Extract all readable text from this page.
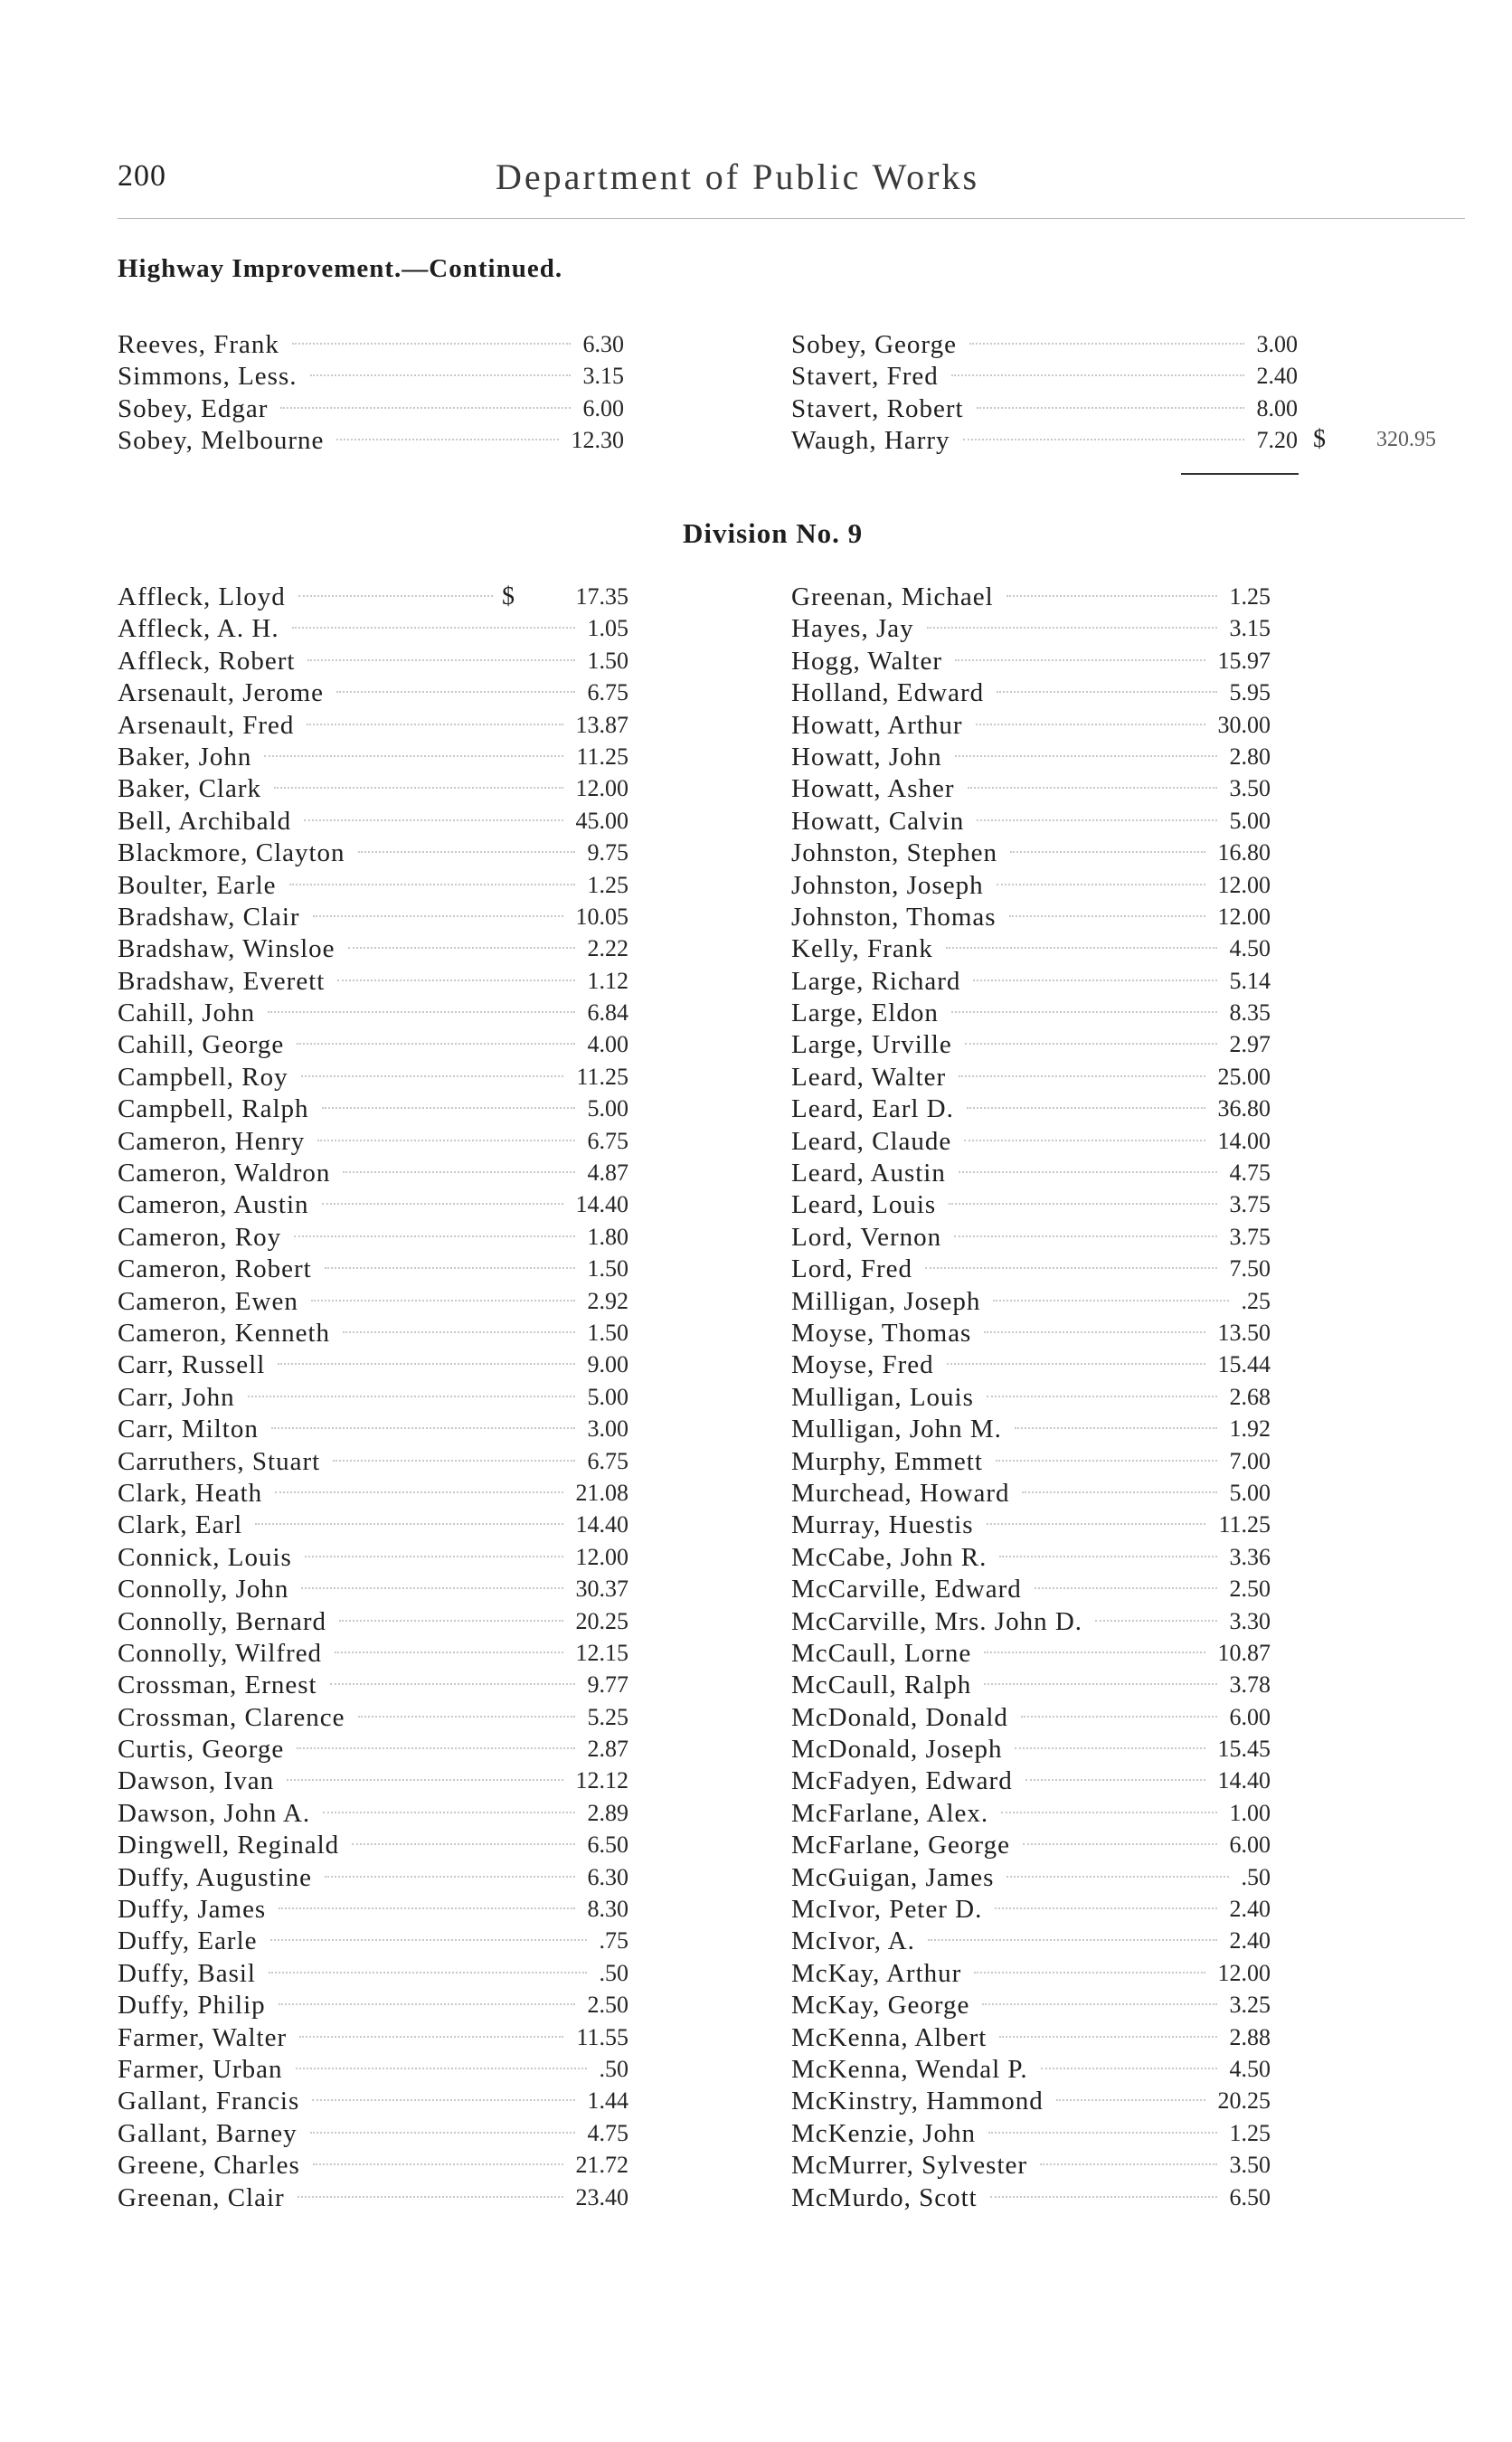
200	Department of Public Works
Highway Improvement.—Continued.
Reeves, Frank	6.30
Simmons, Less.	3.15
Sobey, Edgar	6.00
Sobey, Melbourne	12.30
Sobey, George	3.00
Stavert, Fred	2.40
Stavert, Robert	8.00
Waugh, Harry	7.20 $ 320.95
Division No. 9
Affleck, Lloyd	$	17.35
Affleck, A. H.	1.05
Affleck, Robert	1.50
Arsenault, Jerome	6.75
Arsenault, Fred	13.87
Baker, John	11.25
Baker, Clark	12.00
Bell, Archibald	45.00
Blackmore, Clayton	9.75
Boulter, Earle	1.25
Bradshaw, Clair	10.05
Bradshaw, Winsloe	2.22
Bradshaw, Everett	1.12
Cahill, John	6.84
Cahill, George	4.00
Campbell, Roy	11.25
Campbell, Ralph	5.00
Cameron, Henry	6.75
Cameron, Waldron	4.87
Cameron, Austin	14.40
Cameron, Roy	1.80
Cameron, Robert	1.50
Cameron, Ewen	2.92
Cameron, Kenneth	1.50
Carr, Russell	9.00
Carr, John	5.00
Carr, Milton	3.00
Carruthers, Stuart	6.75
Clark, Heath	21.08
Clark, Earl	14.40
Connick, Louis	12.00
Connolly, John	30.37
Connolly, Bernard	20.25
Connolly, Wilfred	12.15
Crossman, Ernest	9.77
Crossman, Clarence	5.25
Curtis, George	2.87
Dawson, Ivan	12.12
Dawson, John A.	2.89
Dingwell, Reginald	6.50
Duffy, Augustine	6.30
Duffy, James	8.30
Duffy, Earle	.75
Duffy, Basil	.50
Duffy, Philip	2.50
Farmer, Walter	11.55
Farmer, Urban	.50
Gallant, Francis	1.44
Gallant, Barney	4.75
Greene, Charles	21.72
Greenan, Clair	23.40
Greenan, Michael	1.25
Hayes, Jay	3.15
Hogg, Walter	15.97
Holland, Edward	5.95
Howatt, Arthur	30.00
Howatt, John	2.80
Howatt, Asher	3.50
Howatt, Calvin	5.00
Johnston, Stephen	16.80
Johnston, Joseph	12.00
Johnston, Thomas	12.00
Kelly, Frank	4.50
Large, Richard	5.14
Large, Eldon	8.35
Large, Urville	2.97
Leard, Walter	25.00
Leard, Earl D.	36.80
Leard, Claude	14.00
Leard, Austin	4.75
Leard, Louis	3.75
Lord, Vernon	3.75
Lord, Fred	7.50
Milligan, Joseph	.25
Moyse, Thomas	13.50
Moyse, Fred	15.44
Mulligan, Louis	2.68
Mulligan, John M.	1.92
Murphy, Emmett	7.00
Murchead, Howard	5.00
Murray, Huestis	11.25
McCabe, John R.	3.36
McCarville, Edward	2.50
McCarville, Mrs. John D.	3.30
McCaull, Lorne	10.87
McCaull, Ralph	3.78
McDonald, Donald	6.00
McDonald, Joseph	15.45
McFadyen, Edward	14.40
McFarlane, Alex.	1.00
McFarlane, George	6.00
McGuigan, James	.50
McIvor, Peter D.	2.40
McIvor, A.	2.40
McKay, Arthur	12.00
McKay, George	3.25
McKenna, Albert	2.88
McKenna, Wendal P.	4.50
McKinstry, Hammond	20.25
McKenzie, John	1.25
McMurrer, Sylvester	3.50
McMurdo, Scott	6.50
